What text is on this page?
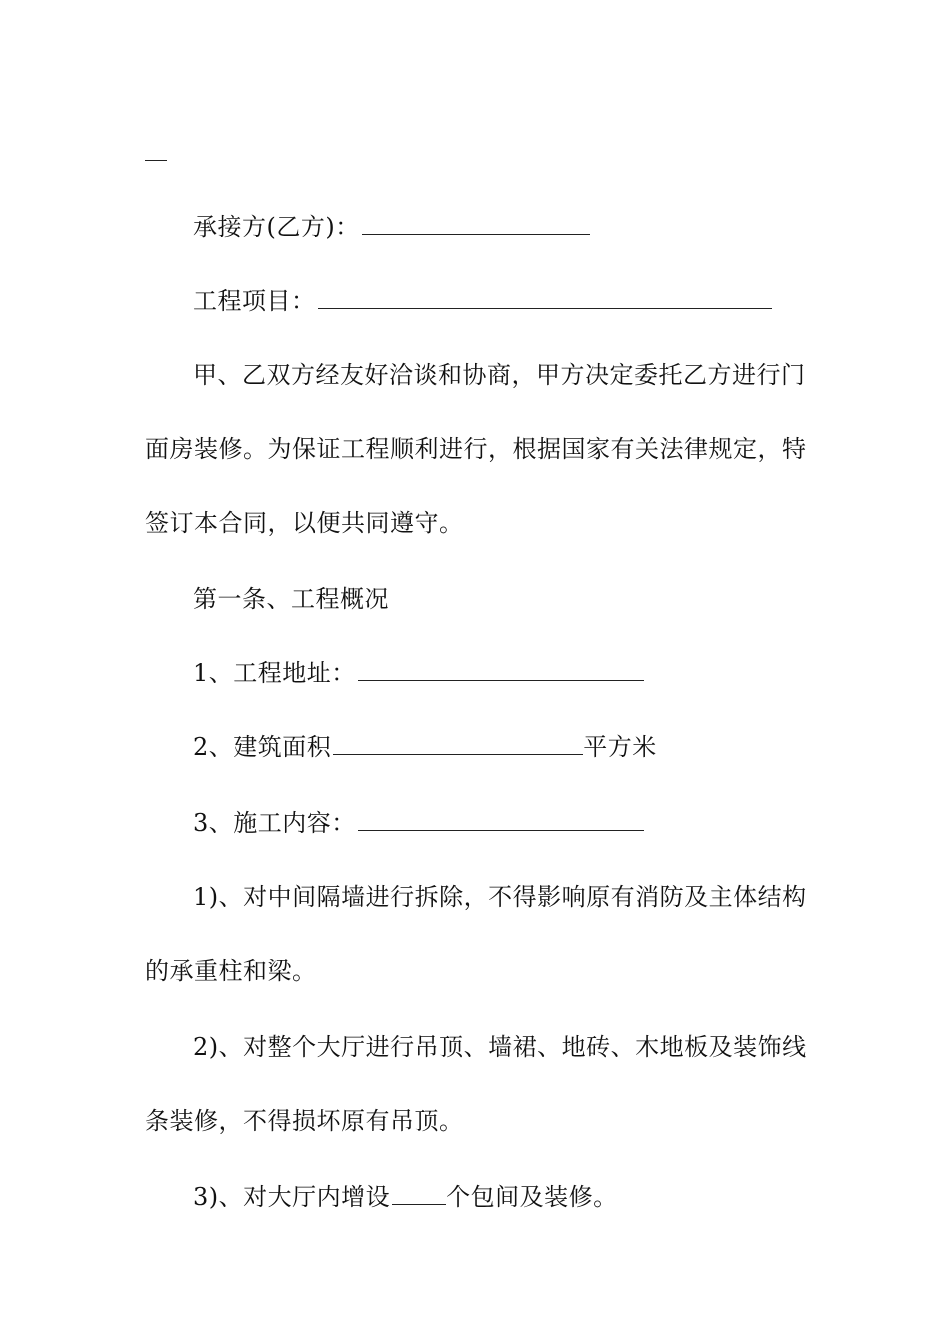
承接方(乙方)：
工程项目：
甲、乙双方经友好洽谈和协商，甲方决定委托乙方进行门
面房装修。为保证工程顺利进行，根据国家有关法律规定，特
签订本合同，以便共同遵守。
第一条、工程概况
1、工程地址：
2、建筑面积	平方米
3、施工内容：
1)、对中间隔墙进行拆除，不得影响原有消防及主体结构
的承重柱和梁。
2)、对整个大厅进行吊顶、墙裙、地砖、木地板及装饰线
条装修，不得损坏原有吊顶。
3)、对大厅内增设 个包间及装修。
